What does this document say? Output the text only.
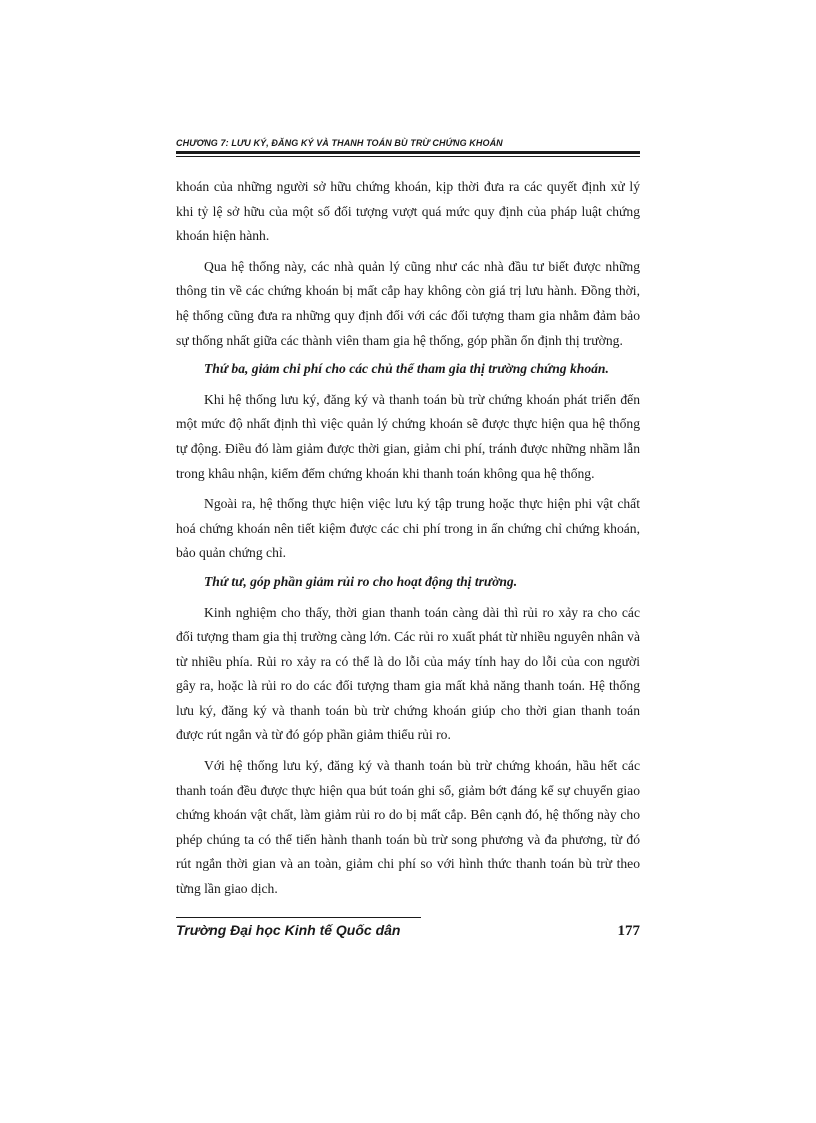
CHƯƠNG 7: LƯU KÝ, ĐĂNG KÝ VÀ THANH TOÁN BÙ TRỪ CHỨNG KHOÁN

khoán của những người sở hữu chứng khoán, kịp thời đưa ra các quyết định xử lý khi tỷ lệ sở hữu của một số đối tượng vượt quá mức quy định của pháp luật chứng khoán hiện hành.

Qua hệ thống này, các nhà quản lý cũng như các nhà đầu tư biết được những thông tin về các chứng khoán bị mất cắp hay không còn giá trị lưu hành. Đồng thời, hệ thống cũng đưa ra những quy định đối với các đối tượng tham gia nhằm đảm bảo sự thống nhất giữa các thành viên tham gia hệ thống, góp phần ổn định thị trường.

Thứ ba, giảm chi phí cho các chủ thể tham gia thị trường chứng khoán.

Khi hệ thống lưu ký, đăng ký và thanh toán bù trừ chứng khoán phát triển đến một mức độ nhất định thì việc quản lý chứng khoán sẽ được thực hiện qua hệ thống tự động. Điều đó làm giảm được thời gian, giảm chi phí, tránh được những nhầm lẫn trong khâu nhận, kiểm đếm chứng khoán khi thanh toán không qua hệ thống.

Ngoài ra, hệ thống thực hiện việc lưu ký tập trung hoặc thực hiện phi vật chất hoá chứng khoán nên tiết kiệm được các chi phí trong in ấn chứng chỉ chứng khoán, bảo quản chứng chỉ.

Thứ tư, góp phần giảm rủi ro cho hoạt động thị trường.

Kinh nghiệm cho thấy, thời gian thanh toán càng dài thì rủi ro xảy ra cho các đối tượng tham gia thị trường càng lớn. Các rủi ro xuất phát từ nhiều nguyên nhân và từ nhiều phía. Rủi ro xảy ra có thể là do lỗi của máy tính hay do lỗi của con người gây ra, hoặc là rủi ro do các đối tượng tham gia mất khả năng thanh toán. Hệ thống lưu ký, đăng ký và thanh toán bù trừ chứng khoán giúp cho thời gian thanh toán được rút ngắn và từ đó góp phần giảm thiểu rủi ro.

Với hệ thống lưu ký, đăng ký và thanh toán bù trừ chứng khoán, hầu hết các thanh toán đều được thực hiện qua bút toán ghi sổ, giảm bớt đáng kể sự chuyển giao chứng khoán vật chất, làm giảm rủi ro do bị mất cắp. Bên cạnh đó, hệ thống này cho phép chúng ta có thể tiến hành thanh toán bù trừ song phương và đa phương, từ đó rút ngắn thời gian và an toàn, giảm chi phí so với hình thức thanh toán bù trừ theo từng lần giao dịch.

Trường Đại học Kinh tế Quốc dân	177
